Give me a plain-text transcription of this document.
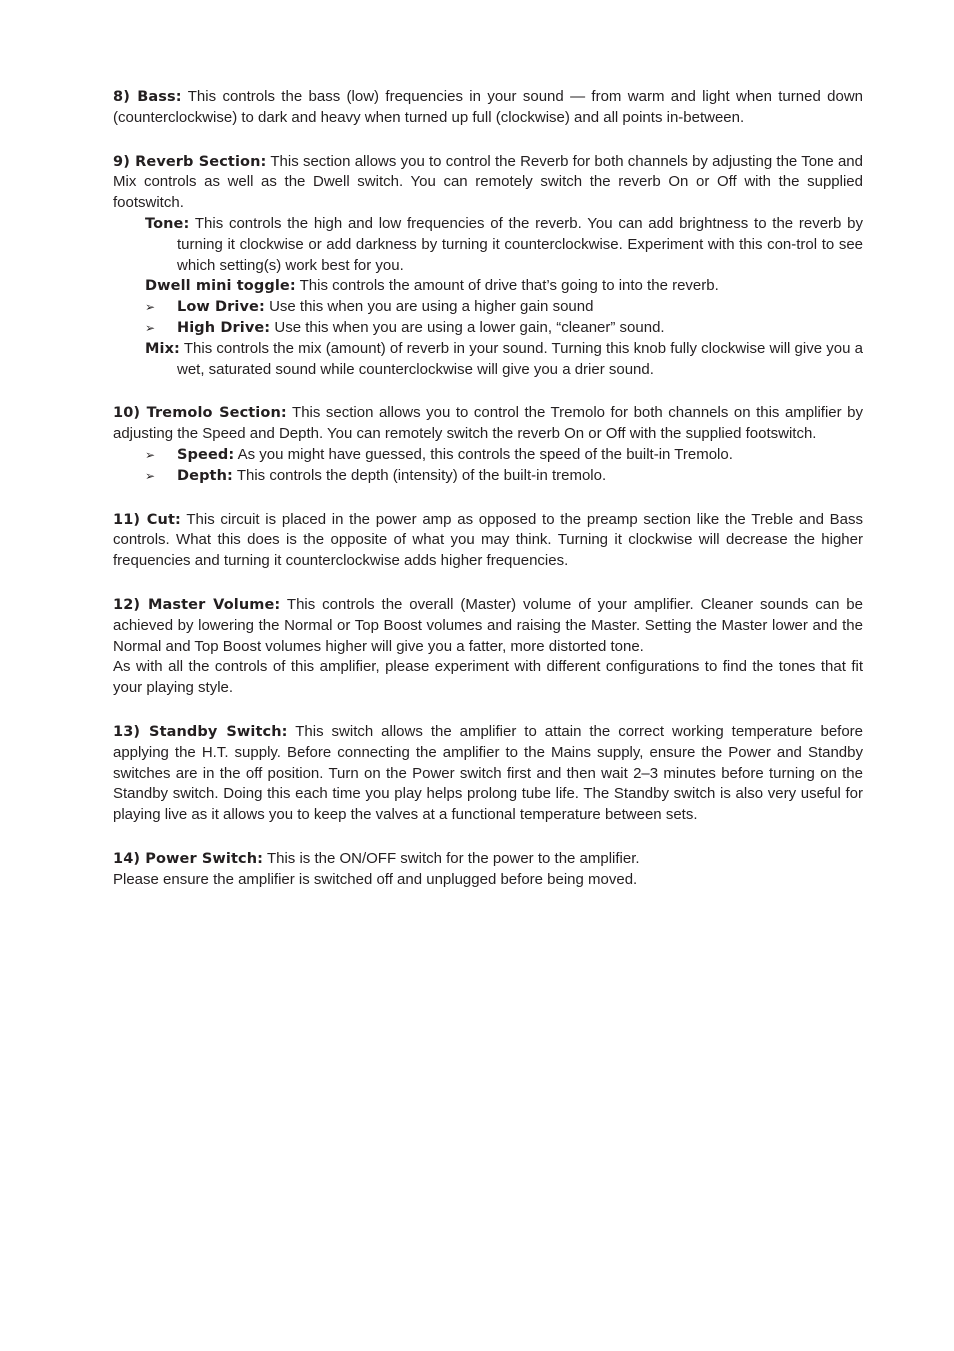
8) Bass: This controls the bass (low) frequencies in your sound — from warm and light when turned down (counterclockwise) to dark and heavy when turned up full (clockwise) and all points in-between.

9) Reverb Section: This section allows you to control the Reverb for both channels by adjusting the Tone and Mix controls as well as the Dwell switch. You can remotely switch the reverb On or Off with the supplied footswitch.

Tone: This controls the high and low frequencies of the reverb. You can add brightness to the reverb by turning it clockwise or add darkness by turning it counterclockwise. Experiment with this con-trol to see which setting(s) work best for you.

Dwell mini toggle: This controls the amount of drive that’s going to into the reverb.

➢ Low Drive: Use this when you are using a higher gain sound

➢ High Drive: Use this when you are using a lower gain, “cleaner” sound.

Mix: This controls the mix (amount) of reverb in your sound. Turning this knob fully clockwise will give you a wet, saturated sound while counterclockwise will give you a drier sound.

10) Tremolo Section: This section allows you to control the Tremolo for both channels on this amplifier by adjusting the Speed and Depth. You can remotely switch the reverb On or Off with the supplied footswitch.

➢ Speed: As you might have guessed, this controls the speed of the built-in Tremolo.

➢ Depth: This controls the depth (intensity) of the built-in tremolo.

11) Cut: This circuit is placed in the power amp as opposed to the preamp section like the Treble and Bass controls. What this does is the opposite of what you may think. Turning it clockwise will decrease the higher frequencies and turning it counterclockwise adds higher frequencies.

12) Master Volume: This controls the overall (Master) volume of your amplifier. Cleaner sounds can be achieved by lowering the Normal or Top Boost volumes and raising the Master. Setting the Master lower and the Normal and Top Boost volumes higher will give you a fatter, more distorted tone.

As with all the controls of this amplifier, please experiment with different configurations to find the tones that fit your playing style.

13) Standby Switch: This switch allows the amplifier to attain the correct working temperature before applying the H.T. supply. Before connecting the amplifier to the Mains supply, ensure the Power and Standby switches are in the off position. Turn on the Power switch first and then wait 2–3 minutes before turning on the Standby switch. Doing this each time you play helps prolong tube life. The Standby switch is also very useful for playing live as it allows you to keep the valves at a functional temperature between sets.

14) Power Switch: This is the ON/OFF switch for the power to the amplifier.

Please ensure the amplifier is switched off and unplugged before being moved.
